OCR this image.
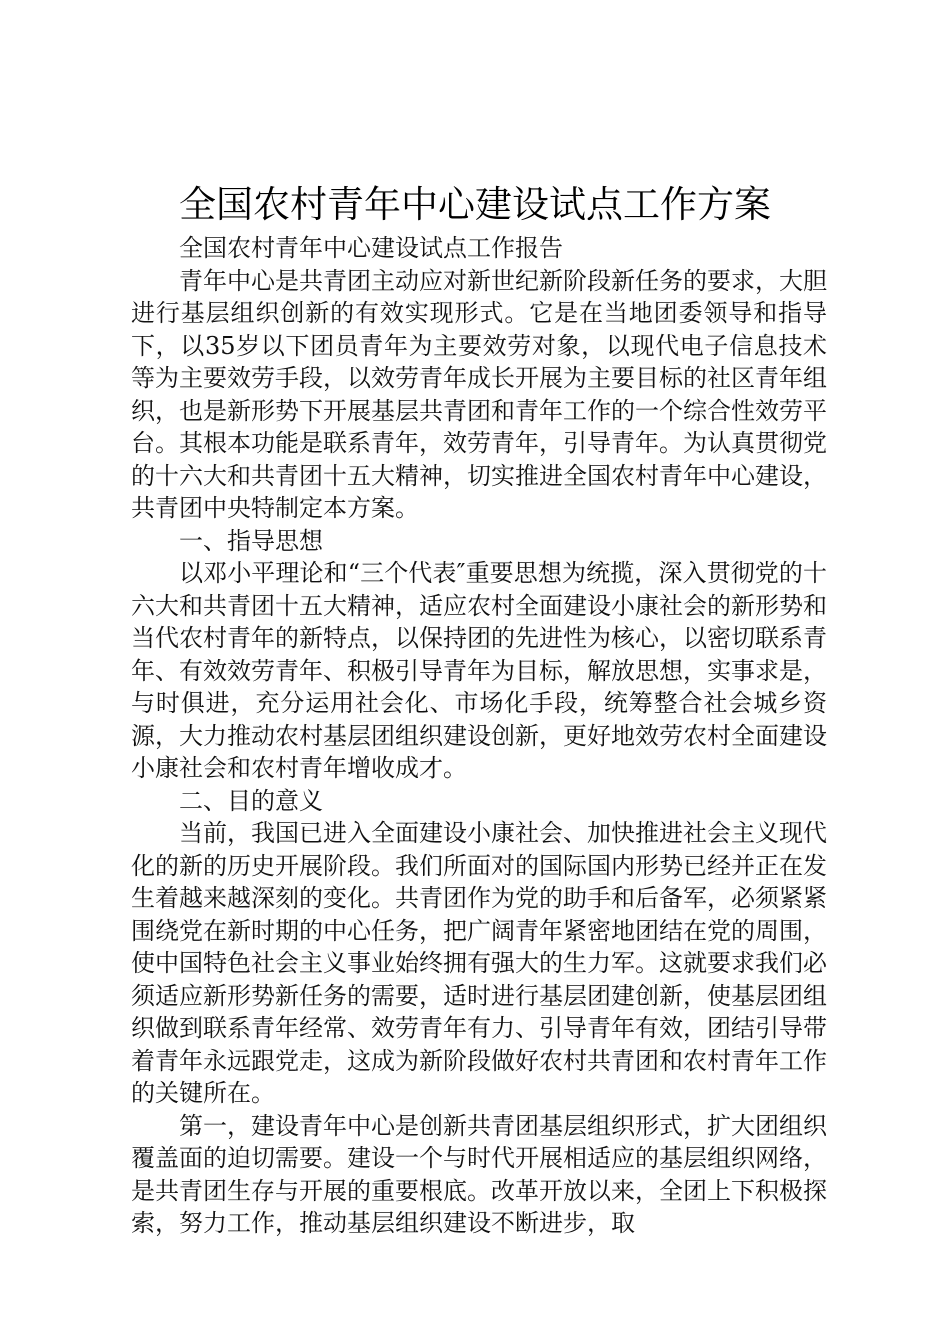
全国农村青年中心建设试点工作方案

全国农村青年中心建设试点工作报告

青年中心是共青团主动应对新世纪新阶段新任务的要求，大胆进行基层组织创新的有效实现形式。它是在当地团委领导和指导下，以35岁以下团员青年为主要效劳对象，以现代电子信息技术等为主要效劳手段，以效劳青年成长开展为主要目标的社区青年组织，也是新形势下开展基层共青团和青年工作的一个综合性效劳平台。其根本功能是联系青年，效劳青年，引导青年。为认真贯彻党的十六大和共青团十五大精神，切实推进全国农村青年中心建设，共青团中央特制定本方案。

一、指导思想

以邓小平理论和“三个代表″重要思想为统揽，深入贯彻党的十六大和共青团十五大精神，适应农村全面建设小康社会的新形势和当代农村青年的新特点，以保持团的先进性为核心，以密切联系青年、有效效劳青年、积极引导青年为目标，解放思想，实事求是，与时俱进，充分运用社会化、市场化手段，统筹整合社会城乡资源，大力推动农村基层团组织建设创新，更好地效劳农村全面建设小康社会和农村青年增收成才。

二、目的意义

当前，我国已进入全面建设小康社会、加快推进社会主义现代化的新的历史开展阶段。我们所面对的国际国内形势已经并正在发生着越来越深刻的变化。共青团作为党的助手和后备军，必须紧紧围绕党在新时期的中心任务，把广阔青年紧密地团结在党的周围，使中国特色社会主义事业始终拥有强大的生力军。这就要求我们必须适应新形势新任务的需要，适时进行基层团建创新，使基层团组织做到联系青年经常、效劳青年有力、引导青年有效，团结引导带着青年永远跟党走，这成为新阶段做好农村共青团和农村青年工作的关键所在。

第一，建设青年中心是创新共青团基层组织形式，扩大团组织覆盖面的迫切需要。建设一个与时代开展相适应的基层组织网络，是共青团生存与开展的重要根底。改革开放以来，全团上下积极探索，努力工作，推动基层组织建设不断进步，取
